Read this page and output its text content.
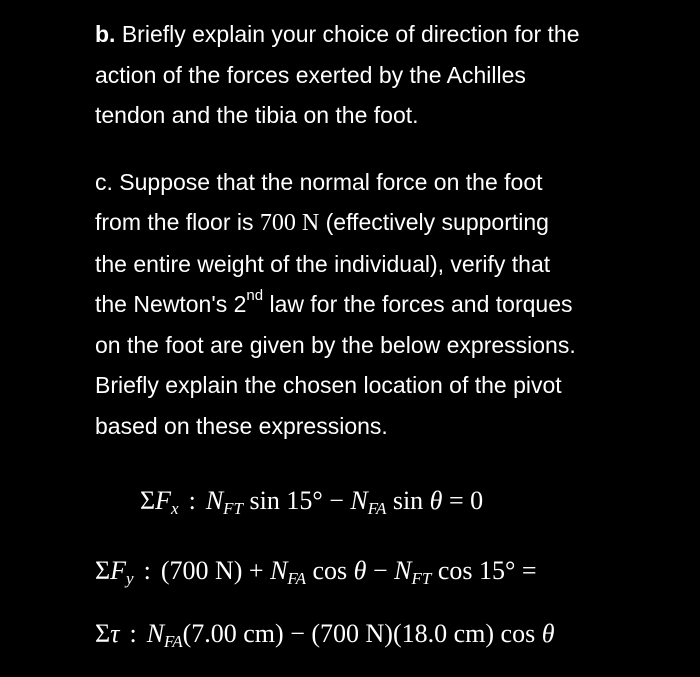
b. Briefly explain your choice of direction for the
action of the forces exerted by the Achilles
tendon and the tibia on the foot.

c. Suppose that the normal force on the foot
from the floor is 700 N (effectively supporting
the entire weight of the individual), verify that
the Newton's 2nd law for the forces and torques
on the foot are given by the below expressions.
Briefly explain the chosen location of the pivot
based on these expressions.

$\Sigma F_x$ : $N_{FT}$ $\sin 15^\circ - N_{FA}$ sin θ = 0
$\Sigma F_y$ : (700 $N) + N_{FA}$ $\cos \theta - N_{FT}$ cos 15° =
Στ : $N_{FA}(7.00$ cm) − (700 N)(18.0 cm) cos θ
